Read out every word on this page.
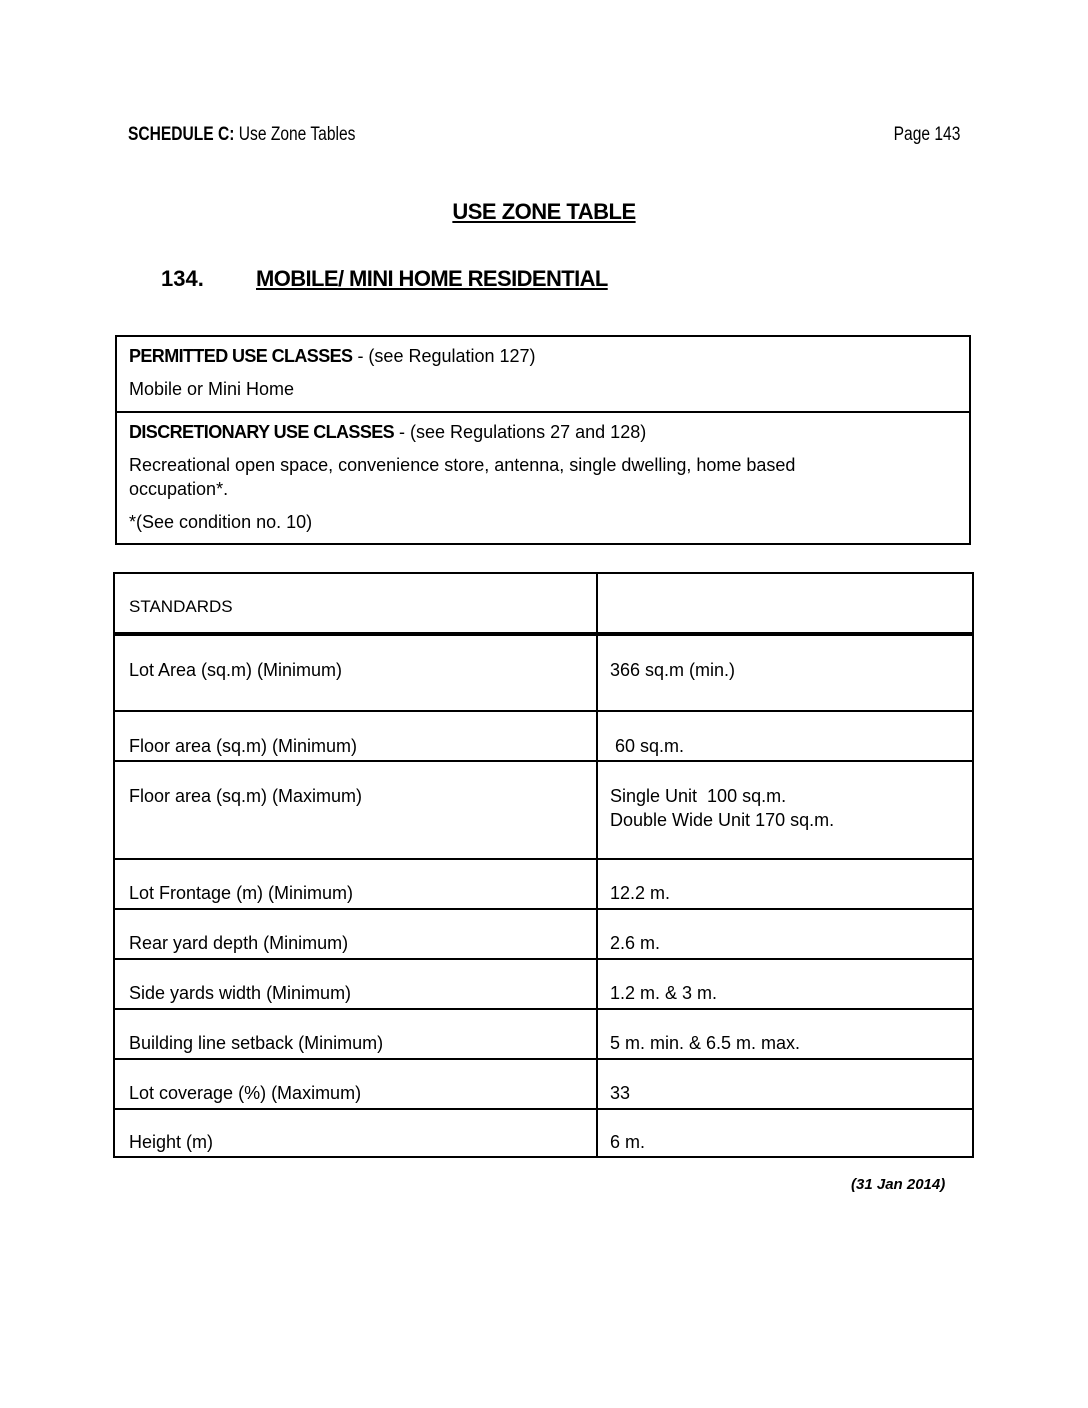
SCHEDULE C: Use Zone Tables	Page 143
USE ZONE TABLE
134. MOBILE/ MINI HOME RESIDENTIAL
PERMITTED USE CLASSES - (see Regulation 127)
Mobile or Mini Home
DISCRETIONARY USE CLASSES - (see Regulations 27 and 128)
Recreational open space, convenience store, antenna, single dwelling, home based
occupation*.
*(See condition no. 10)
STANDARDS
Lot Area (sq.m) (Minimum)	366 sq.m (min.)
Floor area (sq.m) (Minimum)	60 sq.m.
Floor area (sq.m) (Maximum)	Single Unit  100 sq.m.
Double Wide Unit 170 sq.m.
Lot Frontage (m) (Minimum)	12.2 m.
Rear yard depth (Minimum)	2.6 m.
Side yards width (Minimum)	1.2 m. & 3 m.
Building line setback (Minimum)	5 m. min. & 6.5 m. max.
Lot coverage (%) (Maximum)	33
Height (m)	6 m.
(31 Jan 2014)
